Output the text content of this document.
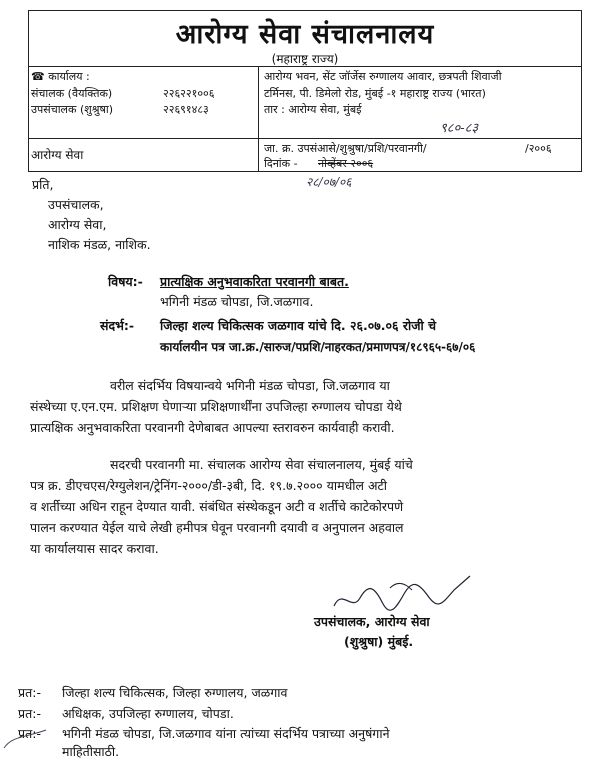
आरोग्य सेवा संचालनालय
(महाराष्ट्र राज्य)
☎ कार्यालय :
संचालक (वैयक्तिक)	२२६२२१००६
उपसंचालक (शुश्रुषा)	२२६९१४८३
आरोग्य भवन, सेंट जॉर्जेस रुग्णालय आवार, छत्रपती शिवाजी
टर्मिनस, पी. डिमेलो रोड, मुंबई -१ महाराष्ट्र राज्य (भारत)
तार : आरोग्य सेवा, मुंबई
९८०-८३
आरोग्य सेवा	जा. क्र. उपसंआसे/शुश्रुषा/प्रशि/परवानगी/	/२००६
दिनांक - नोव्हेंबर २००६
२८/०७/०६
प्रति,
उपसंचालक,
आरोग्य सेवा,
नाशिक मंडळ, नाशिक.
विषय:- प्रात्यक्षिक अनुभवाकरिता परवानगी बाबत.
भगिनी मंडळ चोपडा, जि.जळगाव.
संदर्भ:- जिल्हा शल्य चिकित्सक जळगाव यांचे दि. २६.०७.०६ रोजी चे
कार्यालयीन पत्र जा.क्र./सारुज/पप्रशि/नाहरकत/प्रमाणपत्र/१८९६५-६७/०६
वरील संदर्भिय विषयान्वये भगिनी मंडळ चोपडा, जि.जळगाव या
संस्थेच्या ए.एन.एम. प्रशिक्षण घेणाऱ्या प्रशिक्षणार्थींना उपजिल्हा रुग्णालय चोपडा येथे
प्रात्यक्षिक अनुभवाकरिता परवानगी देणेबाबत आपल्या स्तरावरुन कार्यवाही करावी.
सदरची परवानगी मा. संचालक आरोग्य सेवा संचालनालय, मुंबई यांचे
पत्र क्र. डीएचएस/रेग्युलेशन/ट्रेनिंग-२०००/डी-३बी, दि. १९.७.२००० यामधील अटी
व शर्तीच्या अधिन राहून देण्यात यावी. संबंधित संस्थेकडून अटी व शर्तीचे काटेकोरपणे
पालन करण्यात येईल याचे लेखी हमीपत्र घेवून परवानगी दयावी व अनुपालन अहवाल
या कार्यालयास सादर करावा.
उपसंचालक, आरोग्य सेवा
(शुश्रुषा) मुंबई.
प्रत:- जिल्हा शल्य चिकित्सक, जिल्हा रुग्णालय, जळगाव
प्रत:- अधिक्षक, उपजिल्हा रुग्णालय, चोपडा.
प्रत:- भगिनी मंडळ चोपडा, जि.जळगाव यांना त्यांच्या संदर्भिय पत्राच्या अनुषंगाने
माहितीसाठी.
